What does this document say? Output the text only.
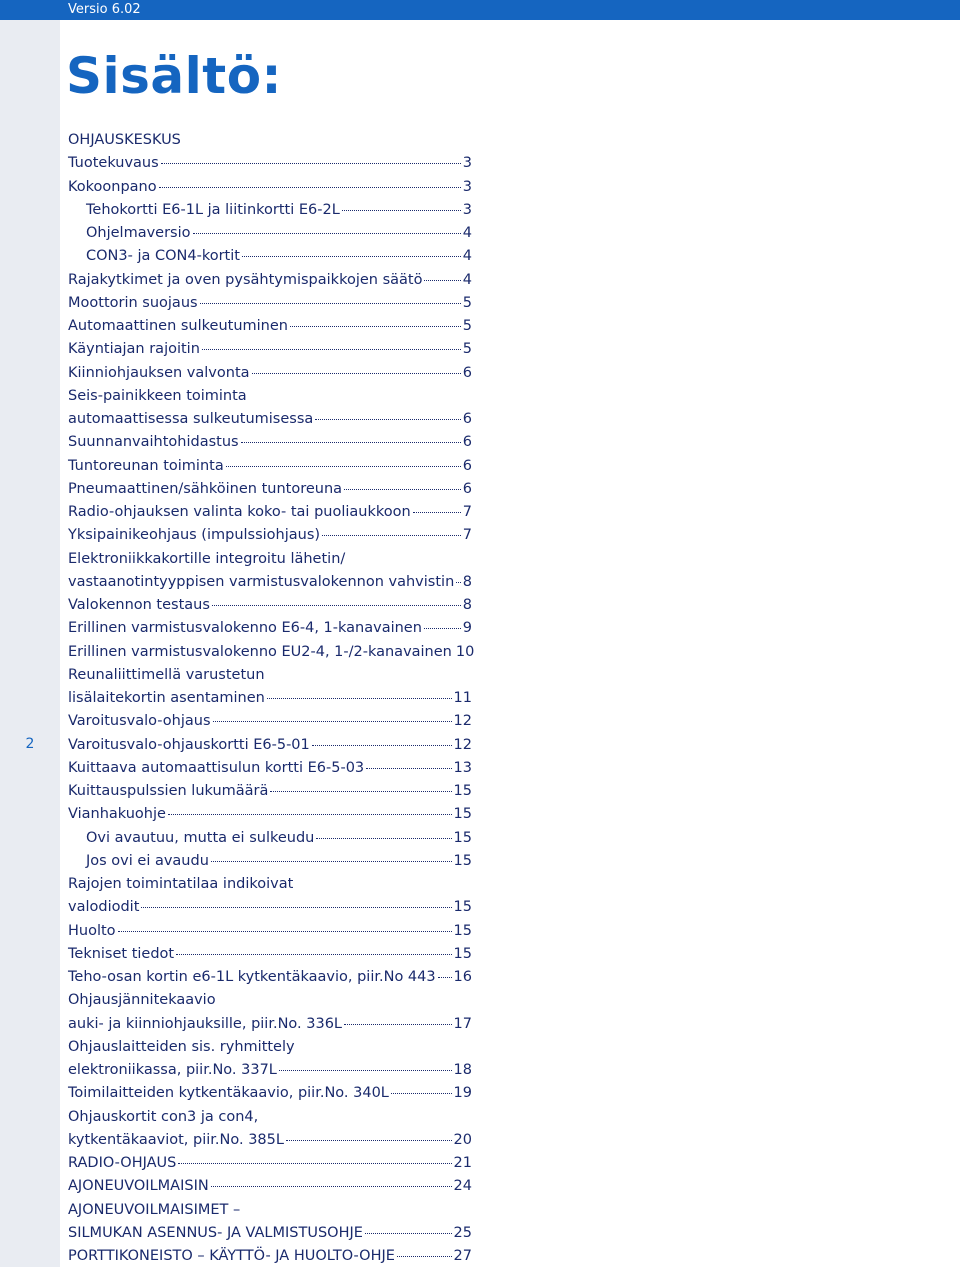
Versio 6.02
Sisältö:
2
OHJAUSKESKUS
Tuotekuvaus	3
Kokoonpano	3
Tehokortti E6-1L ja liitinkortti E6-2L	3
Ohjelmaversio	4
CON3- ja CON4-kortit	4
Rajakytkimet ja oven pysähtymispaikkojen säätö	4
Moottorin suojaus	5
Automaattinen sulkeutuminen	5
Käyntiajan rajoitin	5
Kiinniohjauksen valvonta	6
Seis-painikkeen toiminta
automaattisessa sulkeutumisessa	6
Suunnanvaihtohidastus	6
Tuntoreunan toiminta	6
Pneumaattinen/sähköinen tuntoreuna	6
Radio-ohjauksen valinta koko- tai puoliaukkoon	7
Yksipainikeohjaus (impulssiohjaus)	7
Elektroniikkakortille integroitu lähetin/
vastaanotintyyppisen varmistusvalokennon vahvistin 8
Valokennon testaus	8
Erillinen varmistusvalokenno E6-4, 1-kanavainen	9
Erillinen varmistusvalokenno EU2-4, 1-/2-kanavainen 10
Reunaliittimellä varustetun
lisälaitekortin asentaminen	11
Varoitusvalo-ohjaus	12
Varoitusvalo-ohjauskortti E6-5-01	12
Kuittaava automaattisulun kortti E6-5-03	13
Kuittauspulssien lukumäärä	15
Vianhakuohje	15
Ovi avautuu, mutta ei sulkeudu	15
Jos ovi ei avaudu	15
Rajojen toimintatilaa indikoivat
valodiodit	15
Huolto	15
Tekniset tiedot	15
Teho-osan kortin e6-1L kytkentäkaavio, piir.No 443 16
Ohjausjännitekaavio
auki- ja kiinniohjauksille, piir.No. 336L	17
Ohjauslaitteiden sis. ryhmittely
elektroniikassa, piir.No. 337L	18
Toimilaitteiden kytkentäkaavio, piir.No. 340L	19
Ohjauskortit con3 ja con4,
kytkentäkaaviot, piir.No. 385L	20
RADIO-OHJAUS	21
AJONEUVOILMAISIN	24
AJONEUVOILMAISIMET –
SILMUKAN ASENNUS- JA VALMISTUSOHJE	25
PORTTIKONEISTO – KÄYTTÖ- JA HUOLTO-OHJE	27
